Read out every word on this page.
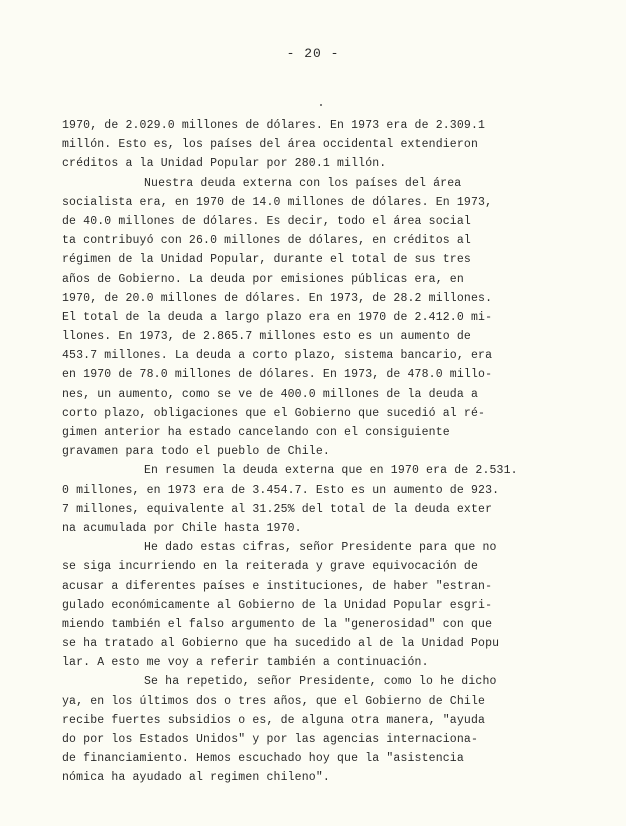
- 20 -
1970, de 2.029.0 millones de dólares. En 1973 era de 2.309.1
millón. Esto es, los países del área occidental extendieron
créditos a la Unidad Popular por 280.1 millón.
Nuestra deuda externa con los países del área
socialista era, en 1970 de 14.0 millones de dólares. En 1973,
de 40.0 millones de dólares. Es decir, todo el área social
ta contribuyó con 26.0 millones de dólares, en créditos al
régimen de la Unidad Popular, durante el total de sus tres
años de Gobierno. La deuda por emisiones públicas era, en
1970, de 20.0 millones de dólares. En 1973, de 28.2 millones.
El total de la deuda a largo plazo era en 1970 de 2.412.0 mi-
llones. En 1973, de 2.865.7 millones esto es un aumento de
453.7 millones. La deuda a corto plazo, sistema bancario, era
en 1970 de 78.0 millones de dólares. En 1973, de 478.0 millo-
nes, un aumento, como se ve de 400.0 millones de la deuda a
corto plazo, obligaciones que el Gobierno que sucedió al ré-
gimen anterior ha estado cancelando con el consiguiente
gravamen para todo el pueblo de Chile.
En resumen la deuda externa que en 1970 era de 2.531.
0 millones, en 1973 era de 3.454.7. Esto es un aumento de 923.
7 millones, equivalente al 31.25% del total de la deuda exter
na acumulada por Chile hasta 1970.
He dado estas cifras, señor Presidente para que no
se siga incurriendo en la reiterada y grave equivocación de
acusar a diferentes países e instituciones, de haber "estran-
gulado económicamente al Gobierno de la Unidad Popular esgri-
miendo también el falso argumento de la "generosidad" con que
se ha tratado al Gobierno que ha sucedido al de la Unidad Popu
lar. A esto me voy a referir también a continuación.
Se ha repetido, señor Presidente, como lo he dicho
ya, en los últimos dos o tres años, que el Gobierno de Chile
recibe fuertes subsidios o es, de alguna otra manera, "ayuda
do por los Estados Unidos" y por las agencias internaciona-
de financiamiento. Hemos escuchado hoy que la "asistencia
nómica ha ayudado al regimen chileno".
